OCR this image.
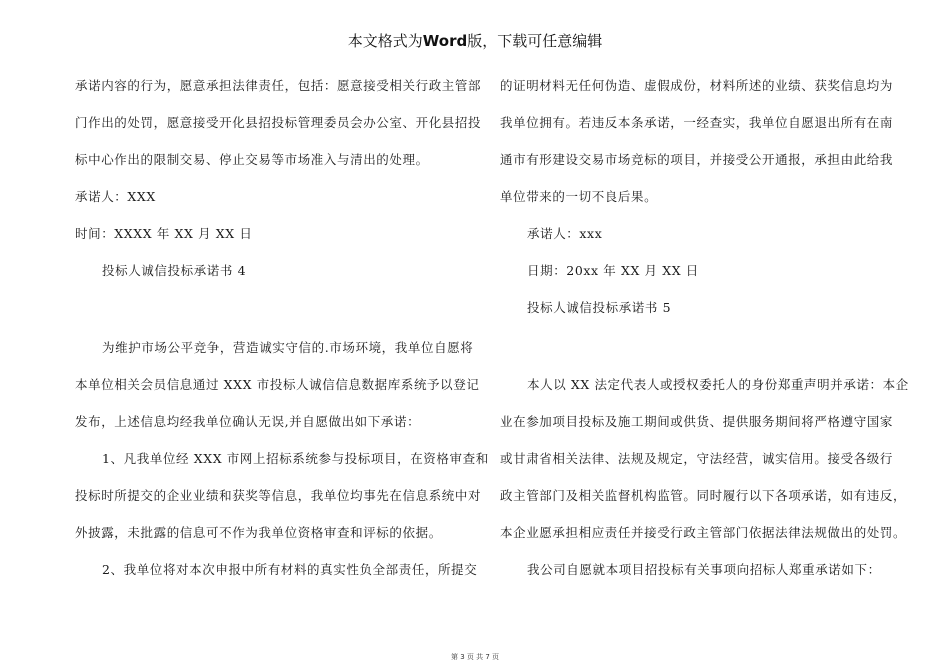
本文格式为Word版，下载可任意编辑
承诺内容的行为，愿意承担法律责任，包括：愿意接受相关行政主管部
门作出的处罚，愿意接受开化县招投标管理委员会办公室、开化县招投
标中心作出的限制交易、停止交易等市场准入与清出的处理。
承诺人：XXX
时间：XXXX 年 XX 月 XX 日
投标人诚信投标承诺书 4
为维护市场公平竞争，营造诚实守信的.市场环境，我单位自愿将
本单位相关会员信息通过 XXX 市投标人诚信信息数据库系统予以登记
发布，上述信息均经我单位确认无误,并自愿做出如下承诺：
1、凡我单位经 XXX 市网上招标系统参与投标项目，在资格审查和
投标时所提交的企业业绩和获奖等信息，我单位均事先在信息系统中对
外披露，未批露的信息可不作为我单位资格审查和评标的依据。
2、我单位将对本次申报中所有材料的真实性负全部责任，所提交
的证明材料无任何伪造、虚假成份，材料所述的业绩、获奖信息均为
我单位拥有。若违反本条承诺，一经查实，我单位自愿退出所有在南
通市有形建设交易市场竞标的项目，并接受公开通报，承担由此给我
单位带来的一切不良后果。
承诺人：xxx
日期：20xx 年 XX 月 XX 日
投标人诚信投标承诺书 5
本人以 XX 法定代表人或授权委托人的身份郑重声明并承诺：本企
业在参加项目投标及施工期间或供货、提供服务期间将严格遵守国家
或甘肃省相关法律、法规及规定，守法经营，诚实信用。接受各级行
政主管部门及相关监督机构监管。同时履行以下各项承诺，如有违反，
本企业愿承担相应责任并接受行政主管部门依据法律法规做出的处罚。
我公司自愿就本项目招投标有关事项向招标人郑重承诺如下：
第 3 页 共 7 页
